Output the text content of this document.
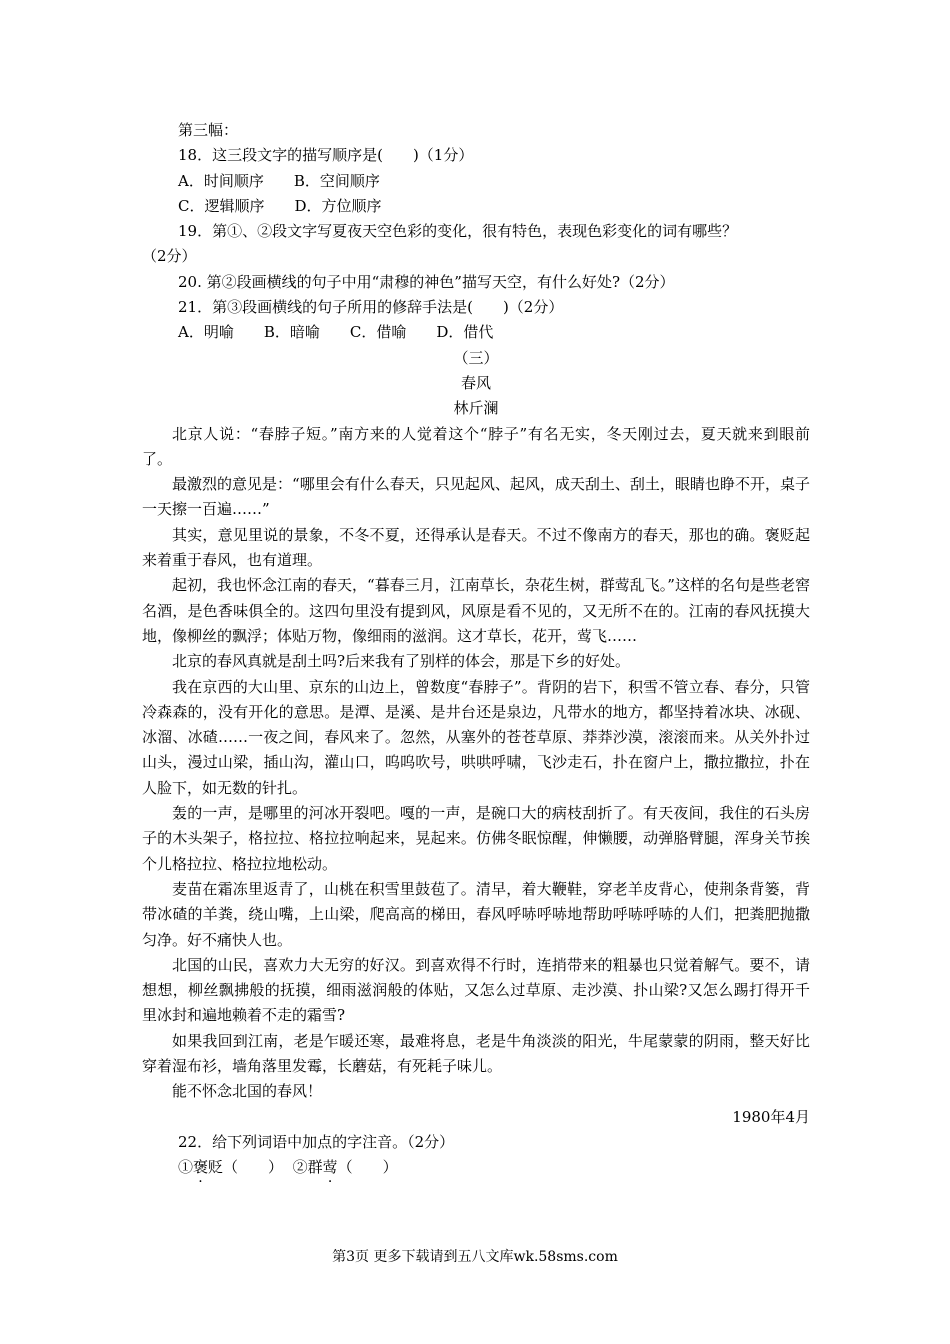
第三幅：

18．这三段文字的描写顺序是(　　)（1分）

A．时间顺序　　B．空间顺序

C．逻辑顺序　　D．方位顺序

19．第①、②段文字写夏夜天空色彩的变化，很有特色，表现色彩变化的词有哪些？

（2分）

20. 第②段画横线的句子中用“肃穆的神色”描写天空，有什么好处?（2分）

21．第③段画横线的句子所用的修辞手法是(　　)（2分）

A．明喻　　B．暗喻　　C．借喻　　D．借代

（三）

春风

林斤澜

北京人说：“春脖子短。”南方来的人觉着这个“脖子”有名无实，冬天刚过去，夏天就来到眼前了。

最激烈的意见是：“哪里会有什么春天，只见起风、起风，成天刮土、刮土，眼睛也睁不开，桌子一天擦一百遍……”

其实，意见里说的景象，不冬不夏，还得承认是春天。不过不像南方的春天，那也的确。褒贬起来着重于春风，也有道理。

起初，我也怀念江南的春天，“暮春三月，江南草长，杂花生树，群莺乱飞。”这样的名句是些老窖名酒，是色香味俱全的。这四句里没有提到风，风原是看不见的，又无所不在的。江南的春风抚摸大地，像柳丝的飘浮；体贴万物，像细雨的滋润。这才草长，花开，莺飞……

北京的春风真就是刮土吗?后来我有了别样的体会，那是下乡的好处。

我在京西的大山里、京东的山边上，曾数度“春脖子”。背阴的岩下，积雪不管立春、春分，只管冷森森的，没有开化的意思。是潭、是溪、是井台还是泉边，凡带水的地方，都坚持着冰块、冰砚、冰溜、冰碴……一夜之间，春风来了。忽然，从塞外的苍苍草原、莽莽沙漠，滚滚而来。从关外扑过山头，漫过山梁，插山沟，灌山口，呜呜吹号，哄哄呼啸，飞沙走石，扑在窗户上，撒拉撒拉，扑在人脸下，如无数的针扎。

轰的一声，是哪里的河冰开裂吧。嘎的一声，是碗口大的病枝刮折了。有天夜间，我住的石头房子的木头架子，格拉拉、格拉拉响起来，晃起来。仿佛冬眠惊醒，伸懒腰，动弹胳臂腿，浑身关节挨个儿格拉拉、格拉拉地松动。

麦苗在霜冻里返青了，山桃在积雪里鼓苞了。清早，着大鞭鞋，穿老羊皮背心，使荆条背篓，背带冰碴的羊粪，绕山嘴，上山梁，爬高高的梯田，春风呼哧呼哧地帮助呼哧呼哧的人们，把粪肥抛撒匀净。好不痛快人也。

北国的山民，喜欢力大无穷的好汉。到喜欢得不行时，连捎带来的粗暴也只觉着解气。要不，请想想，柳丝飘拂般的抚摸，细雨滋润般的体贴，又怎么过草原、走沙漠、扑山梁?又怎么踢打得开千里冰封和遍地赖着不走的霜雪?

如果我回到江南，老是乍暖还寒，最难将息，老是牛角淡淡的阳光，牛尾蒙蒙的阴雨，整天好比穿着湿布衫，墙角落里发霉，长蘑菇，有死耗子味儿。

能不怀念北国的春风！

1980年4月

22．给下列词语中加点的字注音。（2分）

①褒贬（　　） ②群莺（　　）

第3页 更多下载请到五八文库wk.58sms.com
